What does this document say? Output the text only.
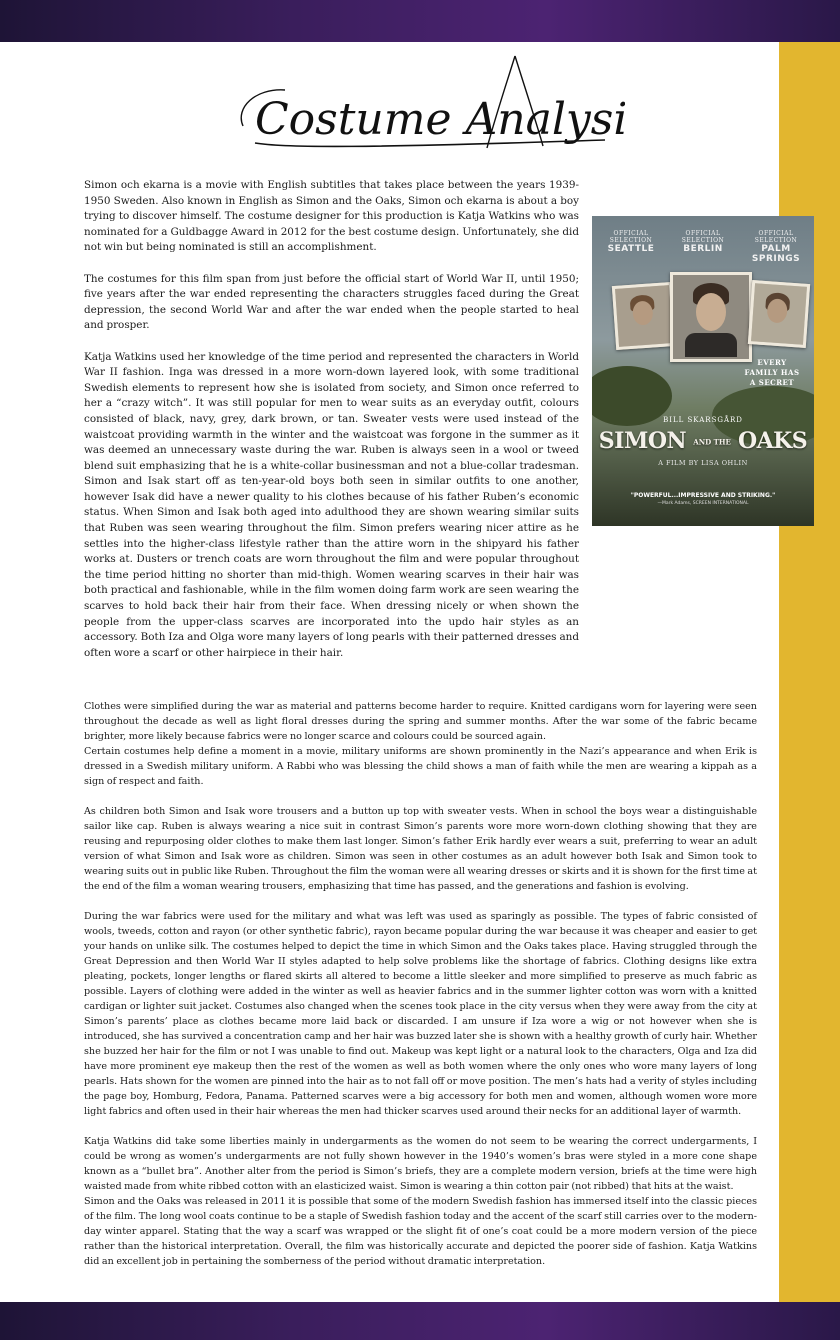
Costume Analysis

Simon och ekarna is a movie with English subtitles that takes place between the years 1939-1950 Sweden. Also known in English as Simon and the Oaks, Simon och ekarna is about a boy trying to discover himself. The costume designer for this production is Katja Watkins who was nominated for a Guldbagge Award in 2012 for the best costume design. Unfortunately, she did not win but being nominated is still an accomplishment.

The costumes for this film span from just before the official start of World War II, until 1950; five years after the war ended representing the characters struggles faced during the Great depression, the second World War and after the war ended when the people started to heal and prosper.

Katja Watkins used her knowledge of the time period and represented the characters in World War II fashion. Inga was dressed in a more worn-down layered look, with some traditional Swedish elements to represent how she is isolated from society, and Simon once referred to her a “crazy witch”. It was still popular for men to wear suits as an everyday outfit, colours consisted of black, navy, grey, dark brown, or tan. Sweater vests were used instead of the waistcoat providing warmth in the winter and the waistcoat was forgone in the summer as it was deemed an unnecessary waste during the war. Ruben is always seen in a wool or tweed blend suit emphasizing that he is a white-collar businessman and not a blue-collar tradesman. Simon and Isak start off as ten-year-old boys both seen in similar outfits to one another, however Isak did have a newer quality to his clothes because of his father Ruben’s economic status. When Simon and Isak both aged into adulthood they are shown wearing similar suits that Ruben was seen wearing throughout the film. Simon prefers wearing nicer attire as he settles into the higher-class lifestyle rather than the attire worn in the shipyard his father works at. Dusters or trench coats are worn throughout the film and were popular throughout the time period hitting no shorter than mid-thigh. Women wearing scarves in their hair was both practical and fashionable, while in the film women doing farm work are seen wearing the scarves to hold back their hair from their face. When dressing nicely or when shown the people from the upper-class scarves are incorporated into the updo hair styles as an accessory. Both Iza and Olga wore many layers of long pearls with their patterned dresses and often wore a scarf or other hairpiece in their hair.

OFFICIAL SELECTION
SEATTLE
OFFICIAL SELECTION
BERLIN
OFFICIAL SELECTION
PALM SPRINGS
EVERY FAMILY HAS A SECRET
BILL SKARSGÅRD
SIMON AND THE OAKS
A FILM BY LISA OHLIN
"POWERFUL...IMPRESSIVE AND STRIKING."
—Mark Adams, SCREEN INTERNATIONAL

Clothes were simplified during the war as material and patterns become harder to require. Knitted cardigans worn for layering were seen throughout the decade as well as light floral dresses during the spring and summer months. After the war some of the fabric became brighter, more likely because fabrics were no longer scarce and colours could be sourced again.

Certain costumes help define a moment in a movie, military uniforms are shown prominently in the Nazi’s appearance and when Erik is dressed in a Swedish military uniform. A Rabbi who was blessing the child shows a man of faith while the men are wearing a kippah as a sign of respect and faith.

As children both Simon and Isak wore trousers and a button up top with sweater vests. When in school the boys wear a distinguishable sailor like cap. Ruben is always wearing a nice suit in contrast Simon’s parents wore more worn-down clothing showing that they are reusing and repurposing older clothes to make them last longer. Simon’s father Erik hardly ever wears a suit, preferring to wear an adult version of what Simon and Isak wore as children. Simon was seen in other costumes as an adult however both Isak and Simon took to wearing suits out in public like Ruben. Throughout the film the woman were all wearing dresses or skirts and it is shown for the first time at the end of the film a woman wearing trousers, emphasizing that time has passed, and the generations and fashion is evolving.

During the war fabrics were used for the military and what was left was used as sparingly as possible. The types of fabric consisted of wools, tweeds, cotton and rayon (or other synthetic fabric), rayon became popular during the war because it was cheaper and easier to get your hands on unlike silk. The costumes helped to depict the time in which Simon and the Oaks takes place. Having struggled through the Great Depression and then World War II styles adapted to help solve problems like the shortage of fabrics. Clothing designs like extra pleating, pockets, longer lengths or flared skirts all altered to become a little sleeker and more simplified to preserve as much fabric as possible. Layers of clothing were added in the winter as well as heavier fabrics and in the summer lighter cotton was worn with a knitted cardigan or lighter suit jacket. Costumes also changed when the scenes took place in the city versus when they were away from the city at Simon’s parents’ place as clothes became more laid back or discarded. I am unsure if Iza wore a wig or not however when she is introduced, she has survived a concentration camp and her hair was buzzed later she is shown with a healthy growth of curly hair. Whether she buzzed her hair for the film or not I was unable to find out. Makeup was kept light or a natural look to the characters, Olga and Iza did have more prominent eye makeup then the rest of the women as well as both women where the only ones who wore many layers of long pearls. Hats shown for the women are pinned into the hair as to not fall off or move position. The men’s hats had a verity of styles including the page boy, Homburg, Fedora, Panama. Patterned scarves were a big accessory for both men and women, although women wore more light fabrics and often used in their hair whereas the men had thicker scarves used around their necks for an additional layer of warmth.

Katja Watkins did take some liberties mainly in undergarments as the women do not seem to be wearing the correct undergarments, I could be wrong as women’s undergarments are not fully shown however in the 1940’s women’s bras were styled in a more cone shape known as a “bullet bra”. Another alter from the period is Simon’s briefs, they are a complete modern version, briefs at the time were high waisted made from white ribbed cotton with an elasticized waist. Simon is wearing a thin cotton pair (not ribbed) that hits at the waist.

Simon and the Oaks was released in 2011 it is possible that some of the modern Swedish fashion has immersed itself into the classic pieces of the film. The long wool coats continue to be a staple of Swedish fashion today and the accent of the scarf still carries over to the modern-day winter apparel. Stating that the way a scarf was wrapped or the slight fit of one’s coat could be a more modern version of the piece rather than the historical interpretation. Overall, the film was historically accurate and depicted the poorer side of fashion. Katja Watkins did an excellent job in pertaining the somberness of the period without dramatic interpretation.
